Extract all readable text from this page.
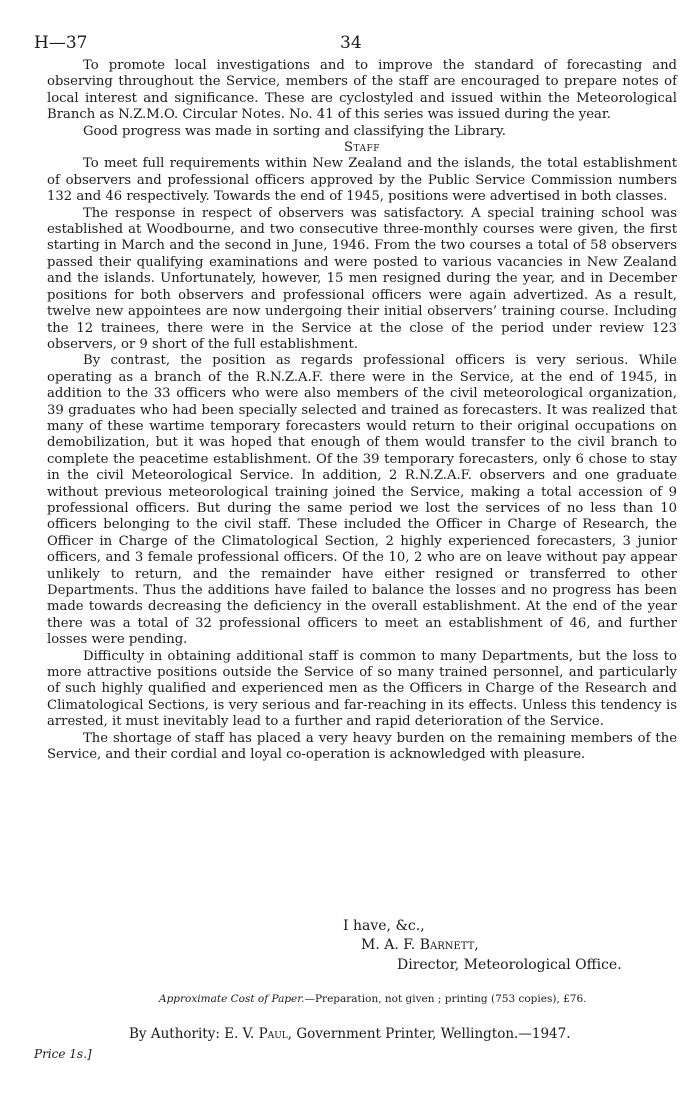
H—37	34

To promote local investigations and to improve the standard of forecasting and observing throughout the Service, members of the staff are encouraged to prepare notes of local interest and significance. These are cyclostyled and issued within the Meteorological Branch as N.Z.M.O. Circular Notes. No. 41 of this series was issued during the year.

Good progress was made in sorting and classifying the Library.

Staff

To meet full requirements within New Zealand and the islands, the total establishment of observers and professional officers approved by the Public Service Commission numbers 132 and 46 respectively. Towards the end of 1945, positions were advertised in both classes.

The response in respect of observers was satisfactory. A special training school was established at Woodbourne, and two consecutive three-monthly courses were given, the first starting in March and the second in June, 1946. From the two courses a total of 58 observers passed their qualifying examinations and were posted to various vacancies in New Zealand and the islands. Unfortunately, however, 15 men resigned during the year, and in December positions for both observers and professional officers were again advertized. As a result, twelve new appointees are now undergoing their initial observers’ training course. Including the 12 trainees, there were in the Service at the close of the period under review 123 observers, or 9 short of the full establishment.

By contrast, the position as regards professional officers is very serious. While operating as a branch of the R.N.Z.A.F. there were in the Service, at the end of 1945, in addition to the 33 officers who were also members of the civil meteorological organization, 39 graduates who had been specially selected and trained as forecasters. It was realized that many of these wartime temporary forecasters would return to their original occupations on demobilization, but it was hoped that enough of them would transfer to the civil branch to complete the peacetime establishment. Of the 39 temporary forecasters, only 6 chose to stay in the civil Meteorological Service. In addition, 2 R.N.Z.A.F. observers and one graduate without previous meteorological training joined the Service, making a total accession of 9 professional officers. But during the same period we lost the services of no less than 10 officers belonging to the civil staff. These included the Officer in Charge of Research, the Officer in Charge of the Climatological Section, 2 highly experienced forecasters, 3 junior officers, and 3 female professional officers. Of the 10, 2 who are on leave without pay appear unlikely to return, and the remainder have either resigned or transferred to other Departments. Thus the additions have failed to balance the losses and no progress has been made towards decreasing the deficiency in the overall establishment. At the end of the year there was a total of 32 professional officers to meet an establishment of 46, and further losses were pending.

Difficulty in obtaining additional staff is common to many Departments, but the loss to more attractive positions outside the Service of so many trained personnel, and particularly of such highly qualified and experienced men as the Officers in Charge of the Research and Climatological Sections, is very serious and far-reaching in its effects. Unless this tendency is arrested, it must inevitably lead to a further and rapid deterioration of the Service.

The shortage of staff has placed a very heavy burden on the remaining members of the Service, and their cordial and loyal co-operation is acknowledged with pleasure.

I have, &c.,
M. A. F. Barnett,
Director, Meteorological Office.
Approximate Cost of Paper.—Preparation, not given ; printing (753 copies), £76.
By Authority: E. V. Paul, Government Printer, Wellington.—1947.
Price 1s.]
